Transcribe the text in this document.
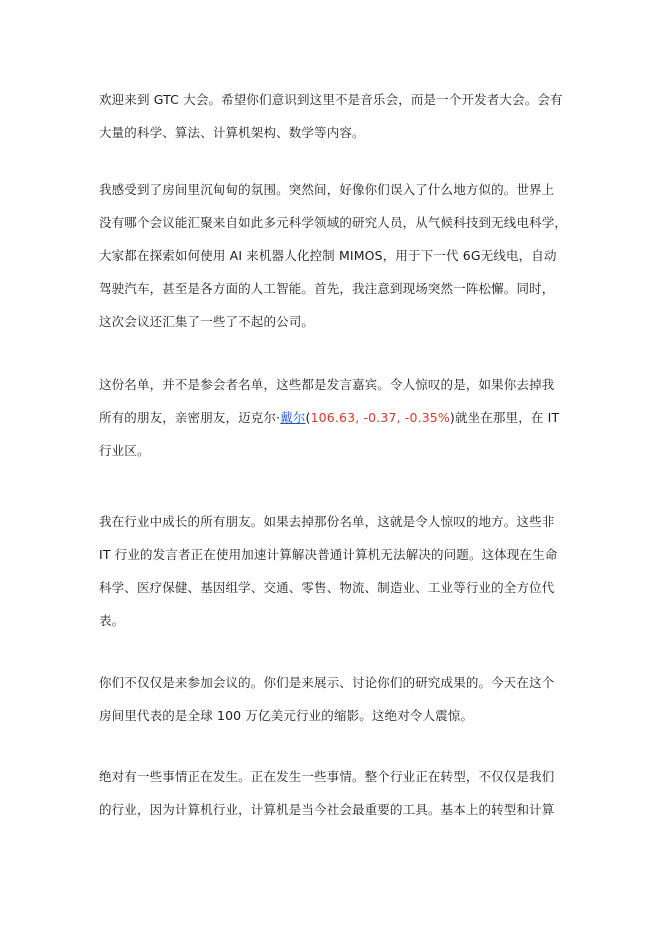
欢迎来到 GTC 大会。希望你们意识到这里不是音乐会，而是一个开发者大会。会有
大量的科学、算法、计算机架构、数学等内容。

我感受到了房间里沉甸甸的氛围。突然间，好像你们误入了什么地方似的。世界上
没有哪个会议能汇聚来自如此多元科学领域的研究人员，从气候科技到无线电科学，
大家都在探索如何使用 AI 来机器人化控制 MIMOS，用于下一代 6G无线电，自动
驾驶汽车，甚至是各方面的人工智能。首先，我注意到现场突然一阵松懈。同时，
这次会议还汇集了一些了不起的公司。

这份名单，并不是参会者名单，这些都是发言嘉宾。令人惊叹的是，如果你去掉我
所有的朋友，亲密朋友，迈克尔·戴尔(106.63, -0.37, -0.35%)就坐在那里，在 IT
行业区。

我在行业中成长的所有朋友。如果去掉那份名单，这就是令人惊叹的地方。这些非
IT 行业的发言者正在使用加速计算解决普通计算机无法解决的问题。这体现在生命
科学、医疗保健、基因组学、交通、零售、物流、制造业、工业等行业的全方位代
表。

你们不仅仅是来参加会议的。你们是来展示、讨论你们的研究成果的。今天在这个
房间里代表的是全球 100 万亿美元行业的缩影。这绝对令人震惊。

绝对有一些事情正在发生。正在发生一些事情。整个行业正在转型，不仅仅是我们
的行业，因为计算机行业，计算机是当今社会最重要的工具。基本上的转型和计算
